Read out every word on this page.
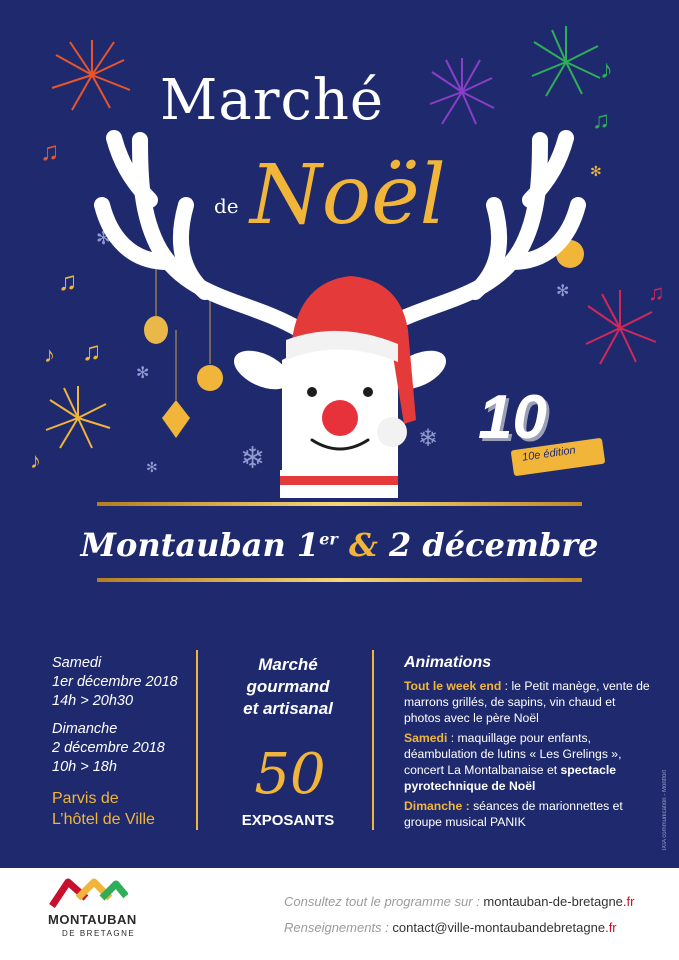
♫
♪
♫
♫
♪ ♫
♪
♫
✻
✻
❄
❄
✻
✻
✻
Marché
Noël
de
10
10e édition
Montauban 1er & 2 décembre
Samedi
1er décembre 2018
14h > 20h30
Dimanche
2 décembre 2018
10h > 18h
Parvis de
L’hôtel de Ville
Marché
gourmand
et artisanal
50
EXPOSANTS
Animations
Tout le week end : le Petit manège, vente de marrons grillés, de sapins, vin chaud et photos avec le père Noël
Samedi : maquillage pour enfants, déambulation de lutins « Les Grelings », concert La Montalbanaise et spectacle pyrotechnique de Noël
Dimanche : séances de marionnettes et groupe musical PANIK	IXIA communication - Montfort
MONTAUBAN
DE BRETAGNE
Consultez tout le programme sur : montauban-de-bretagne.fr
Renseignements : contact@ville-montaubandebretagne.fr
